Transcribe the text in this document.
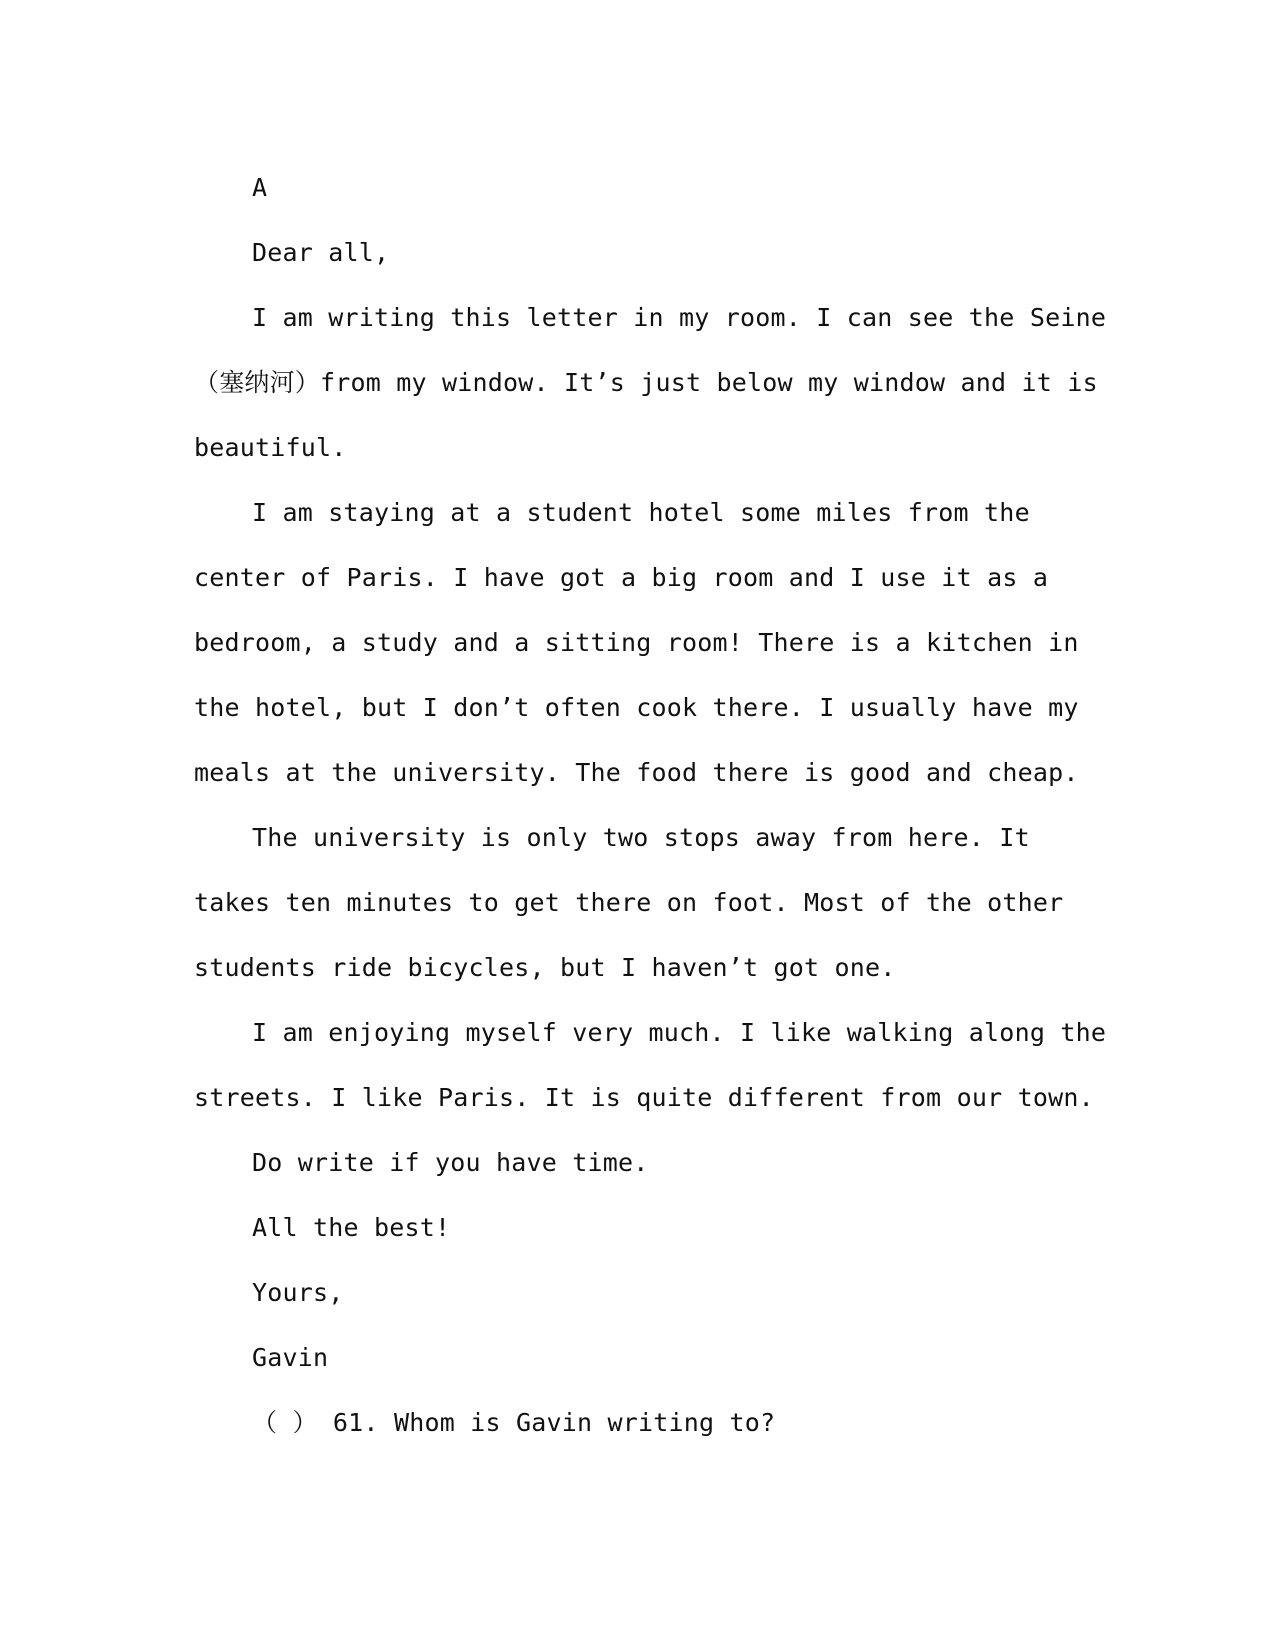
A

Dear all,

I am writing this letter in my room. I can see the Seine

（塞纳河）from my window. It’s just below my window and it is

beautiful.

I am staying at a student hotel some miles from the

center of Paris. I have got a big room and I use it as a

bedroom, a study and a sitting room! There is a kitchen in

the hotel, but I don’t often cook there. I usually have my

meals at the university. The food there is good and cheap.

The university is only two stops away from here. It

takes ten minutes to get there on foot. Most of the other

students ride bicycles, but I haven’t got one.

I am enjoying myself very much. I like walking along the

streets. I like Paris. It is quite different from our town.

Do write if you have time.

All the best!

Yours,

Gavin

（ ） 61. Whom is Gavin writing to?
